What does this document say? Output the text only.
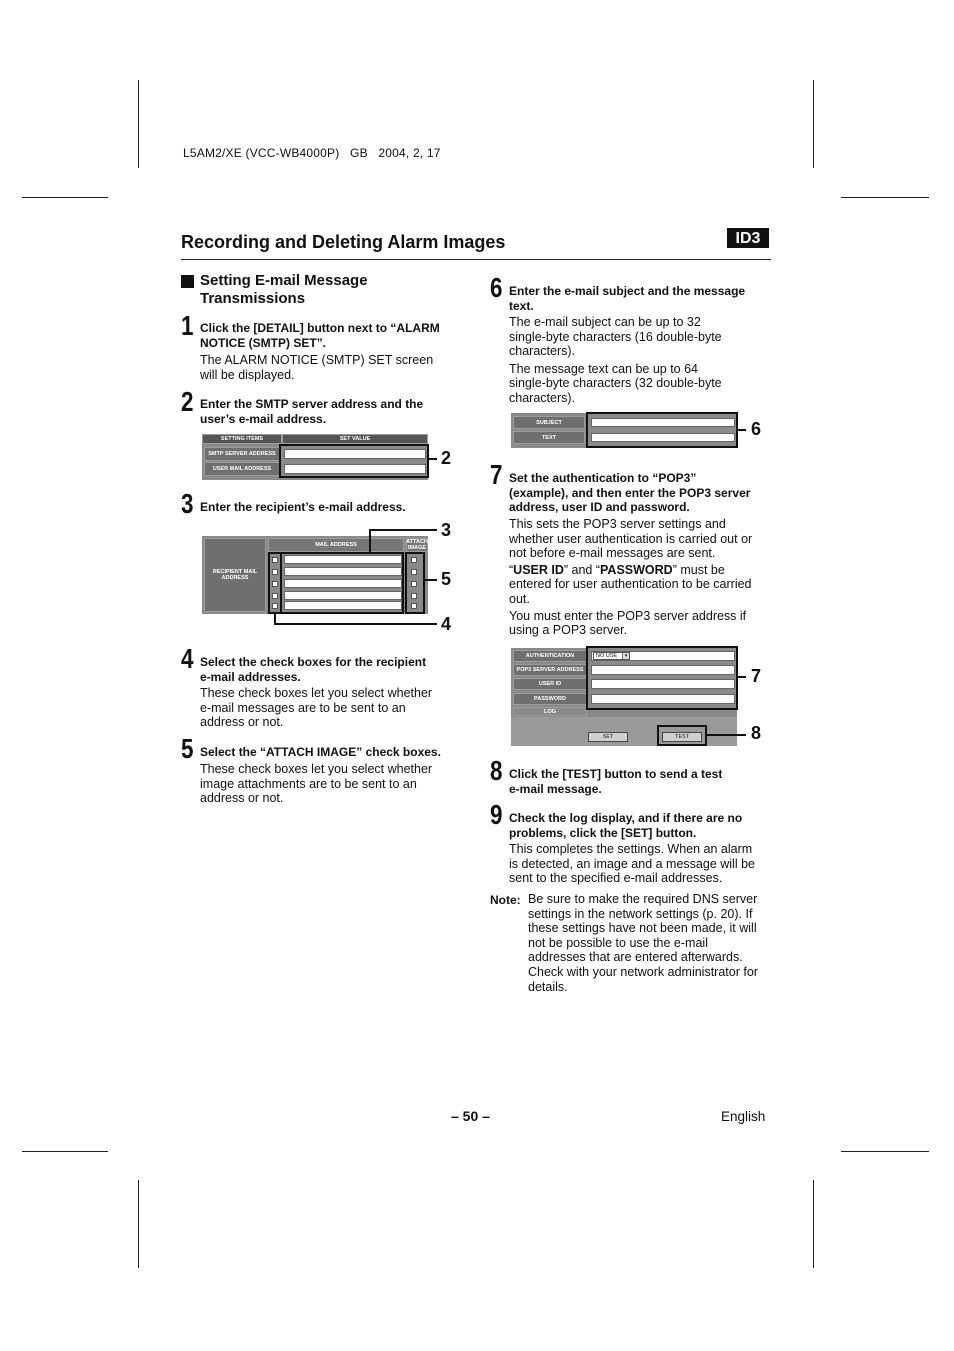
L5AM2/XE (VCC-WB4000P)   GB   2004, 2, 17
Recording and Deleting Alarm Images	ID3
Setting E-mail Message
Transmissions
1 Click the [DETAIL] button next to “ALARM
NOTICE (SMTP) SET”.
The ALARM NOTICE (SMTP) SET screen
will be displayed.
2 Enter the SMTP server address and the
user’s e-mail address.
SETTING ITEMS	SET VALUE
SMTP SERVER ADDRESS
USER MAIL ADDRESS
2
3 Enter the recipient’s e-mail address.
RECIPIENT MAIL ADDRESS
MAIL ADDRESS	ATTACH IMAGE
3
5
4
4 Select the check boxes for the recipient
e-mail addresses.
These check boxes let you select whether
e-mail messages are to be sent to an
address or not.
5 Select the “ATTACH IMAGE” check boxes.
These check boxes let you select whether
image attachments are to be sent to an
address or not.
6 Enter the e-mail subject and the message
text.
The e-mail subject can be up to 32
single-byte characters (16 double-byte
characters).
The message text can be up to 64
single-byte characters (32 double-byte
characters).
SUBJECT
TEXT	6
7 Set the authentication to “POP3”
(example), and then enter the POP3 server
address, user ID and password.
This sets the POP3 server settings and
whether user authentication is carried out or
not before e-mail messages are sent.
“USER ID” and “PASSWORD” must be
entered for user authentication to be carried
out.
You must enter the POP3 server address if
using a POP3 server.
AUTHENTICATION	NO USE	▾
POP3 SERVER ADDRESS
USER ID
PASSWORD
LOG
SET	TEST
7
8
8 Click the [TEST] button to send a test
e-mail message.
9 Check the log display, and if there are no
problems, click the [SET] button.
This completes the settings. When an alarm
is detected, an image and a message will be
sent to the specified e-mail addresses.
Note: Be sure to make the required DNS server
settings in the network settings (p. 20). If
these settings have not been made, it will
not be possible to use the e-mail
addresses that are entered afterwards.
Check with your network administrator for
details.
– 50 –	English
